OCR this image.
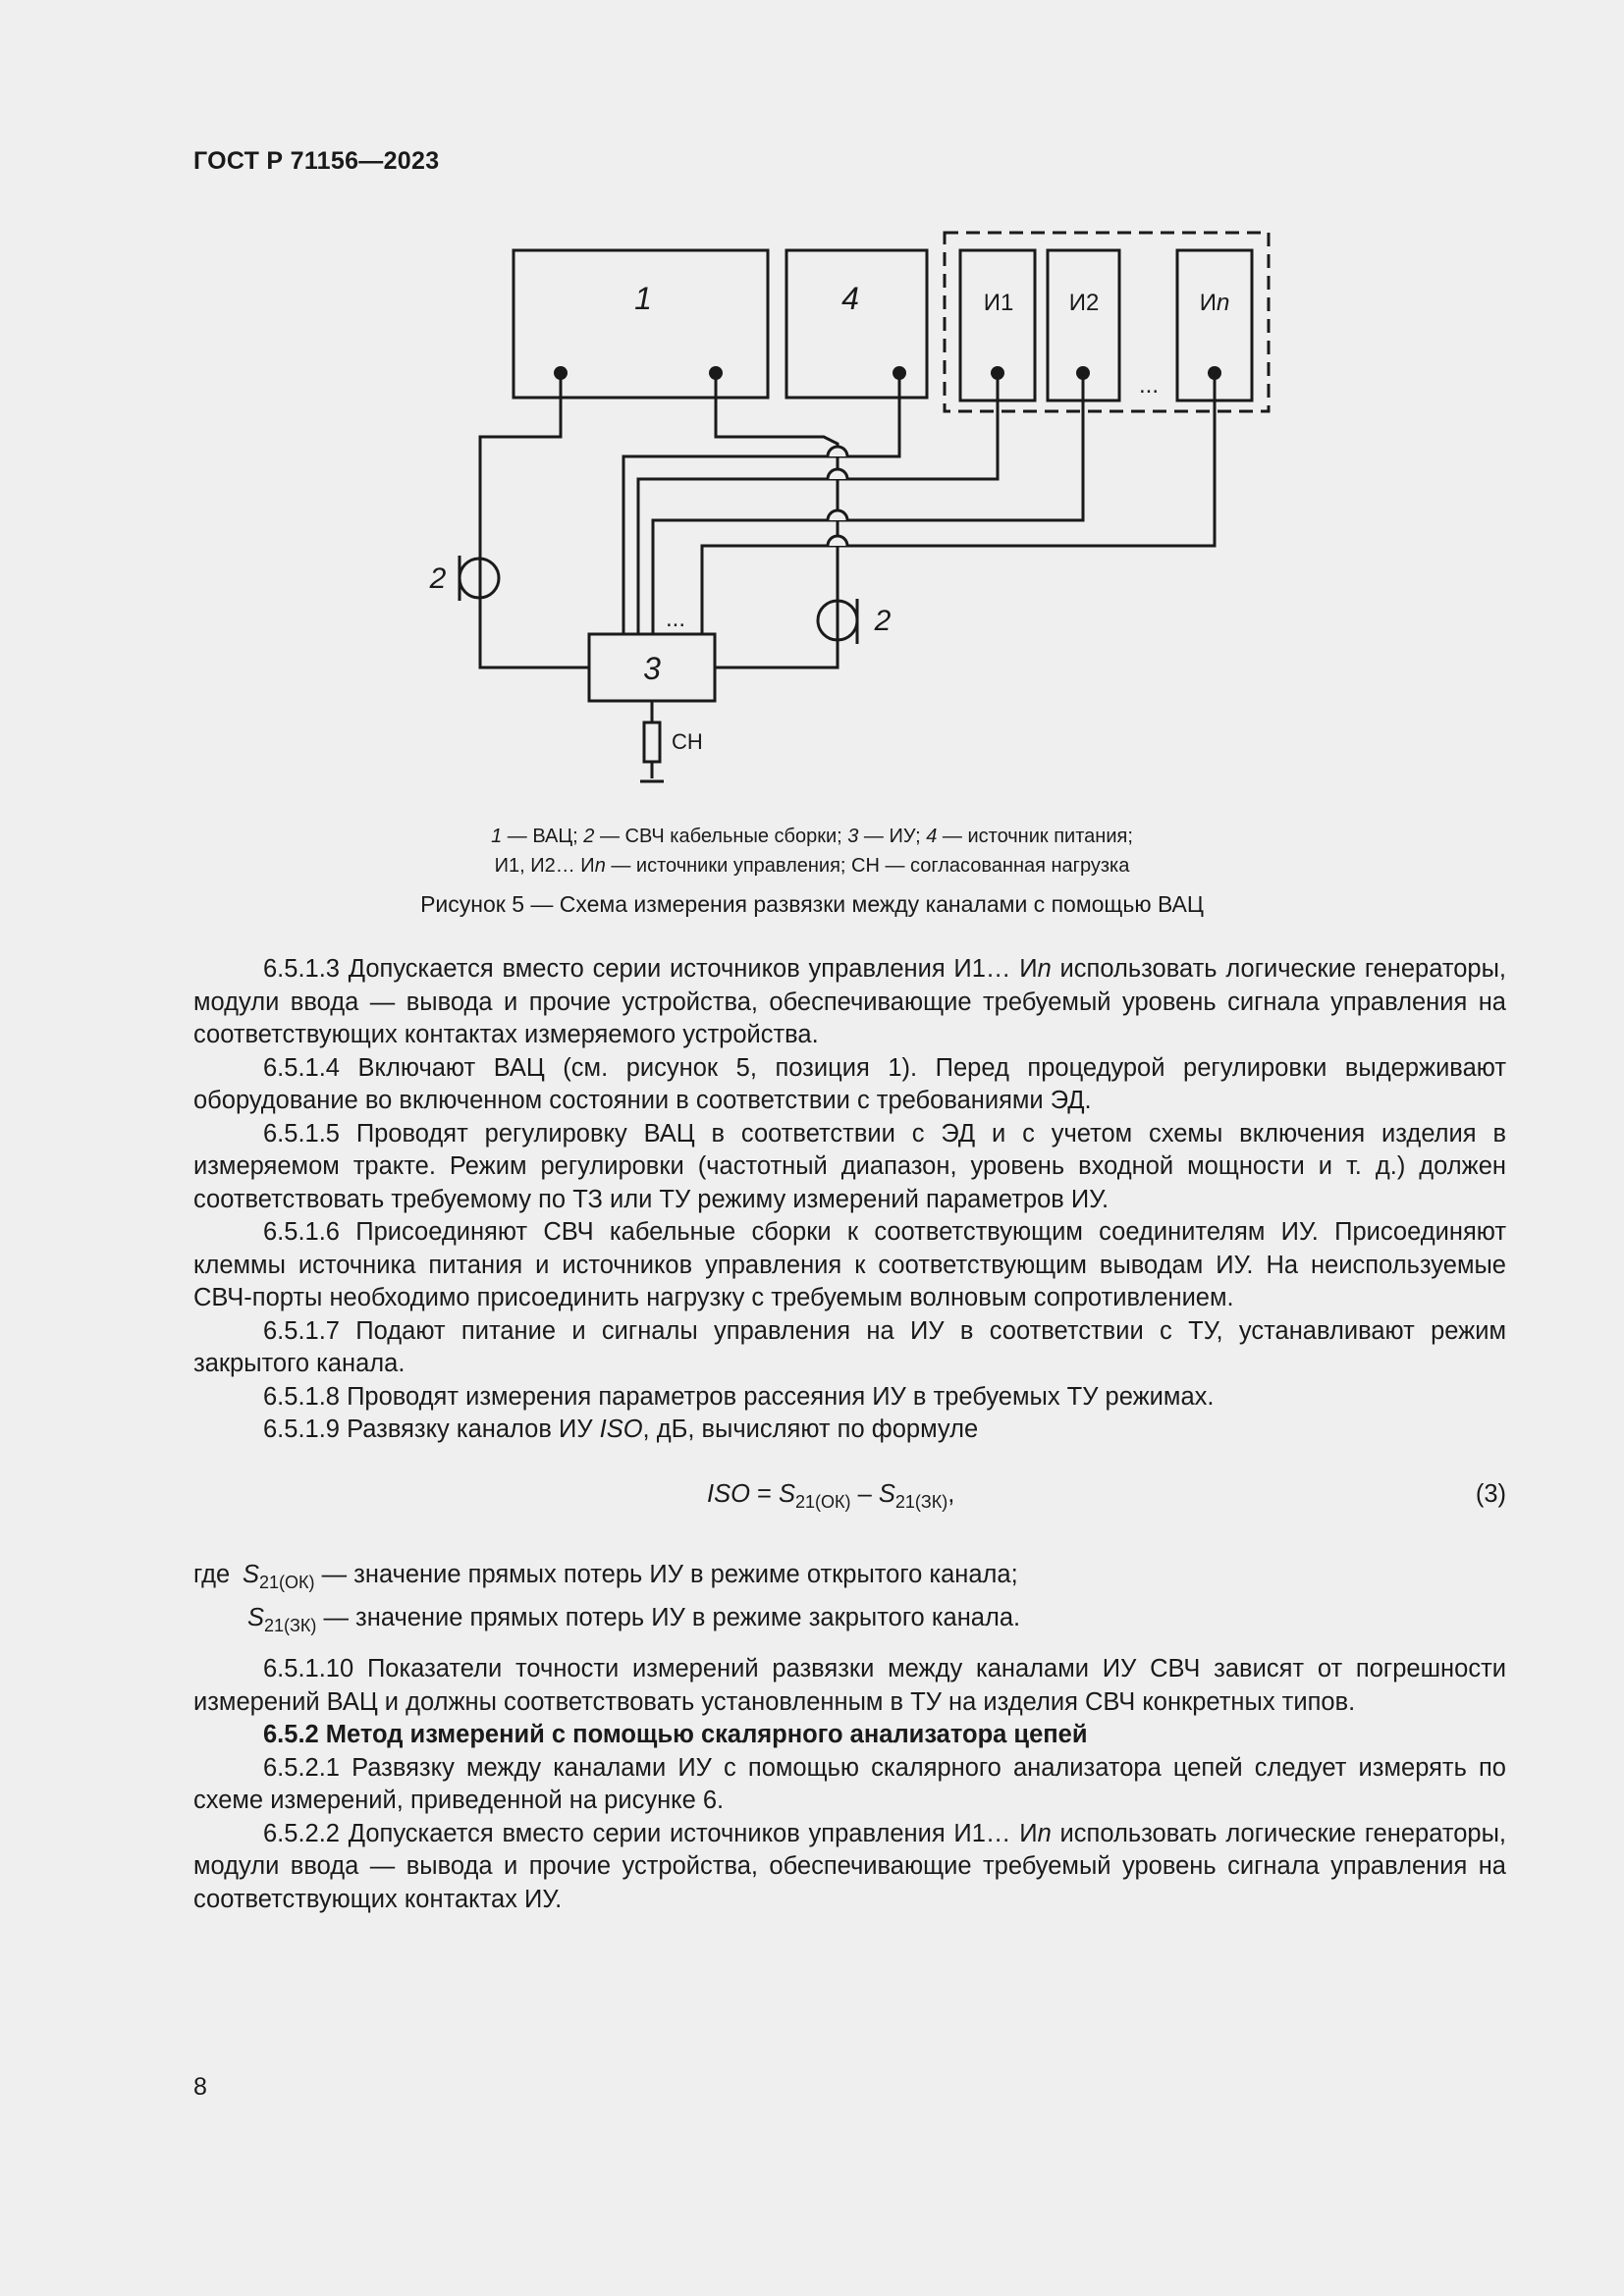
ГОСТ Р 71156—2023
1	4	И1 И2	Иn
...
3
...
2
2
СН
1 — ВАЦ; 2 — СВЧ кабельные сборки; 3 — ИУ; 4 — источник питания;
И1, И2… Иn — источники управления; СН — согласованная нагрузка
Рисунок 5 — Схема измерения развязки между каналами с помощью ВАЦ

6.5.1.3 Допускается вместо серии источников управления И1… Иn использовать логические генераторы, модули ввода — вывода и прочие устройства, обеспечивающие требуемый уровень сигнала управления на соответствующих контактах измеряемого устройства.

6.5.1.4 Включают ВАЦ (см. рисунок 5, позиция 1). Перед процедурой регулировки выдерживают оборудование во включенном состоянии в соответствии с требованиями ЭД.

6.5.1.5 Проводят регулировку ВАЦ в соответствии с ЭД и с учетом схемы включения изделия в измеряемом тракте. Режим регулировки (частотный диапазон, уровень входной мощности и т. д.) должен соответствовать требуемому по ТЗ или ТУ режиму измерений параметров ИУ.

6.5.1.6 Присоединяют СВЧ кабельные сборки к соответствующим соединителям ИУ. Присоединяют клеммы источника питания и источников управления к соответствующим выводам ИУ. На неиспользуемые СВЧ-порты необходимо присоединить нагрузку с требуемым волновым сопротивлением.

6.5.1.7 Подают питание и сигналы управления на ИУ в соответствии с ТУ, устанавливают режим закрытого канала.

6.5.1.8 Проводят измерения параметров рассеяния ИУ в требуемых ТУ режимах.

6.5.1.9 Развязку каналов ИУ ISO, дБ, вычисляют по формуле

ISO = $S_{21(ОК)} - S_{21(ЗК)}$,	(3)
где $S_{21(ОК)}$ — значение прямых потерь ИУ в режиме открытого канала;
$S_{21(ЗК)}$ — значение прямых потерь ИУ в режиме закрытого канала.

6.5.1.10 Показатели точности измерений развязки между каналами ИУ СВЧ зависят от погрешности измерений ВАЦ и должны соответствовать установленным в ТУ на изделия СВЧ конкретных типов.

6.5.2 Метод измерений с помощью скалярного анализатора цепей

6.5.2.1 Развязку между каналами ИУ с помощью скалярного анализатора цепей следует измерять по схеме измерений, приведенной на рисунке 6.

6.5.2.2 Допускается вместо серии источников управления И1… Иn использовать логические генераторы, модули ввода — вывода и прочие устройства, обеспечивающие требуемый уровень сигнала управления на соответствующих контактах ИУ.

8
